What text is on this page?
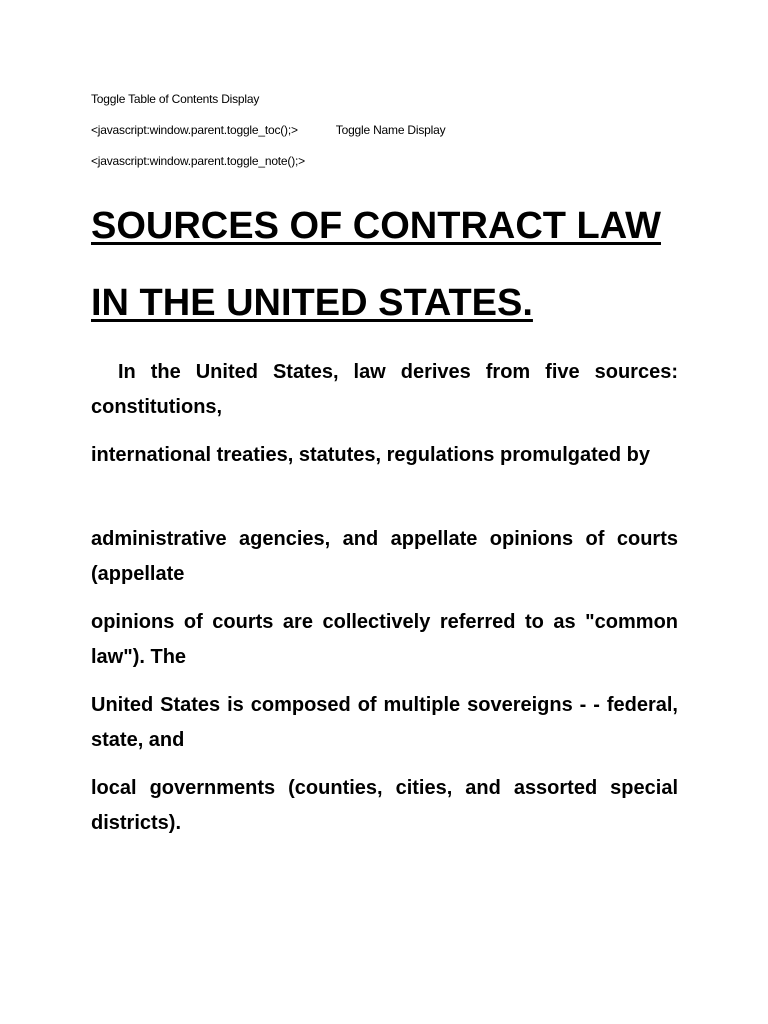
Toggle Table of Contents Display
<javascript:window.parent.toggle_toc();>	Toggle Name Display
<javascript:window.parent.toggle_note();>
SOURCES OF CONTRACT LAW
IN THE UNITED STATES.

In the United States, law derives from five sources: constitutions,

international treaties, statutes, regulations promulgated by

administrative agencies, and appellate opinions of courts (appellate

opinions of courts are collectively referred to as "common law"). The

United States is composed of multiple sovereigns - - federal, state, and

local governments (counties, cities, and assorted special districts).
